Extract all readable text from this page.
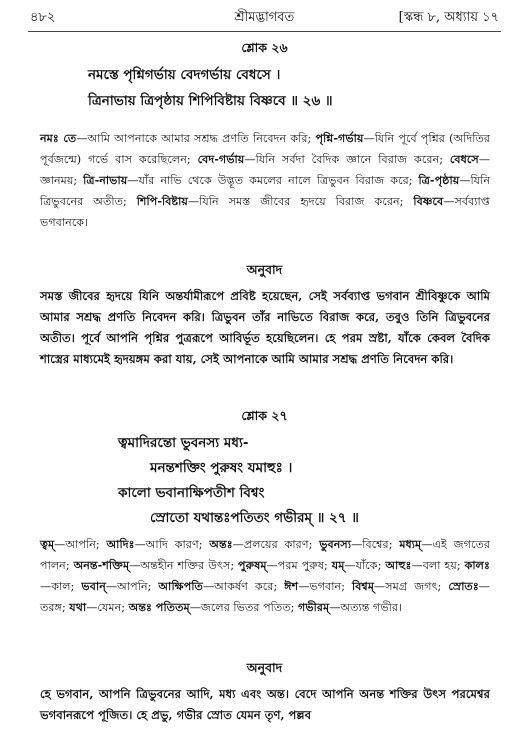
৪৮২	শ্রীমদ্ভাগবত	[স্কন্ধ ৮, অধ্যায় ১৭
শ্লোক ২৬
নমস্তে পৃশ্নিগর্ভায় বেদগর্ভায় বেধসে ।
ত্রিনাভায় ত্রিপৃষ্ঠায় শিপিবিষ্টায় বিষ্ণবে ॥ ২৬ ॥
নমঃ তে—আমি আপনাকে আমার সশ্রদ্ধ প্রণতি নিবেদন করি; পৃশ্নি-গর্ভায়—যিনি পূর্বে পৃশ্নির (অদিতির পূর্বজন্মে) গর্ভে বাস করেছিলেন; বেদ-গর্ভায়—যিনি সর্বদা বৈদিক জ্ঞানে বিরাজ করেন; বেধসে—জ্ঞানময়; ত্রি-নাভায়—যাঁর নাভি থেকে উদ্ভূত কমলের নালে ত্রিভুবন বিরাজ করে; ত্রি-পৃষ্ঠায়—যিনি ত্রিভুবনের অতীত; শিপি-বিষ্টায়—যিনি সমস্ত জীবের হৃদয়ে বিরাজ করেন; বিষ্ণবে—সর্বব্যাপ্ত ভগবানকে।
অনুবাদ
সমস্ত জীবের হৃদয়ে যিনি অন্তর্যামীরূপে প্রবিষ্ট হয়েছেন, সেই সর্বব্যাপ্ত ভগবান শ্রীবিষ্ণুকে আমি আমার সশ্রদ্ধ প্রণতি নিবেদন করি। ত্রিভুবন তাঁর নাভিতে বিরাজ করে, তবুও তিনি ত্রিভুবনের অতীত। পূর্বে আপনি পৃশ্নির পুত্ররূপে আবির্ভূত হয়েছিলেন। হে পরম স্রষ্টা, যাঁকে কেবল বৈদিক শাস্ত্রের মাধ্যমেই হৃদয়ঙ্গম করা যায়, সেই আপনাকে আমি আমার সশ্রদ্ধ প্রণতি নিবেদন করি।
শ্লোক ২৭
ত্বমাদিরন্তো ভুবনস্য মধ্য-
মনন্তশক্তিং পুরুষং যমাহুঃ ।
কালো ভবানাক্ষিপতীশ বিশ্বং
স্রোতো যথান্তঃপতিতং গভীরম্ ॥ ২৭ ॥
ত্বম্—আপনি; আদিঃ—আদি কারণ; অন্তঃ—প্রলয়ের কারণ; ভুবনস্য—বিশ্বের; মধ্যম্—এই জগতের পালন; অনন্ত-শক্তিম্—অন্তহীন শক্তির উৎস; পুরুষম্—পরম পুরুষ; যম্—যাঁকে; আহুঃ—বলা হয়; কালঃ—কাল; ভবান্—আপনি; আক্ষিপতি—আকর্ষণ করে; ঈশ—ভগবান; বিশ্বম্—সমগ্র জগৎ; স্রোতঃ—তরঙ্গ; যথা—যেমন; অন্তঃ পতিতম্—জলের ভিতর পতিত; গভীরম্—অত্যন্ত গভীর।
অনুবাদ
হে ভগবান, আপনি ত্রিভুবনের আদি, মধ্য এবং অন্ত। বেদে আপনি অনন্ত শক্তির উৎস পরমেশ্বর ভগবানরূপে পূজিত। হে প্রভু, গভীর স্রোত যেমন তৃণ, পল্লব
